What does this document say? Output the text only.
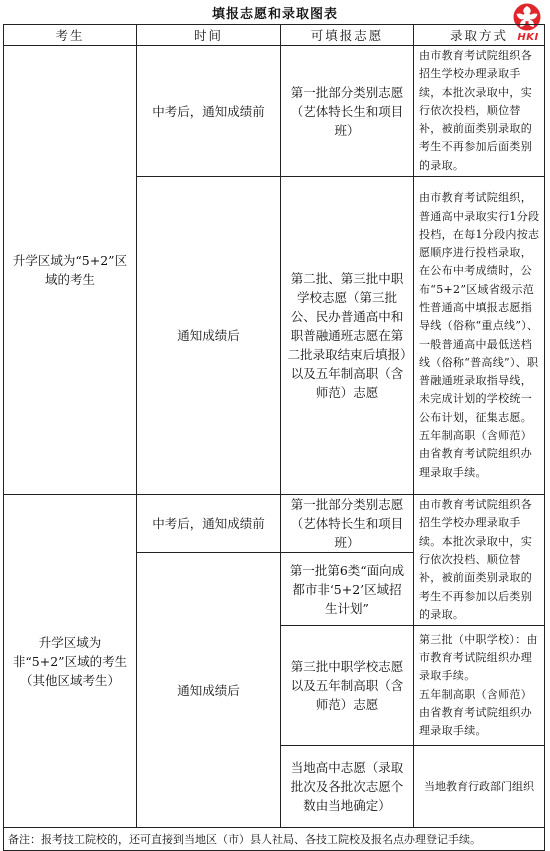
填报志愿和录取图表
HKI
考生	时间	可填报志愿	录取方式
升学区域为“5+2”区域的考生	中考后，通知成绩前	第一批部分类别志愿（艺体特长生和项目班）	由市教育考试院组织各招生学校办理录取手续，本批次录取中，实行依次投档，顺位替补，被前面类别录取的考生不再参加后面类别的录取。

	通知成绩后	第二批、第三批中职学校志愿（第三批公、民办普通高中和职普融通班志愿在第二批录取结束后填报）以及五年制高职（含师范）志愿	由市教育考试院组织，普通高中录取实行1分段投档，在每1分段内按志愿顺序进行投档录取，在公布中考成绩时，公布“5+2”区域省级示范性普通高中填报志愿指导线（俗称“重点线”）、一般普通高中最低送档线（俗称“普高线”）、职普融通班录取指导线，未完成计划的学校统一公布计划，征集志愿。

五年制高职（含师范）由省教育考试院组织办理录取手续。

升学区域为非“5+2”区域的考生（其他区域考生）	中考后，通知成绩前	第一批部分类别志愿（艺体特长生和项目班）	由市教育考试院组织各招生学校办理录取手续。本批次录取中，实行依次投档、顺位替补，被前面类别录取的考生不再参加以后类别的录取。

	通知成绩后	第一批第6类“面向成都市非‘5+2’区域招生计划”	
		第三批中职学校志愿以及五年制高职（含师范）志愿	第三批（中职学校）：由市教育考试院组织办理录取手续。

五年制高职（含师范）由省教育考试院组织办理录取手续。

		当地高中志愿（录取批次及各批次志愿个数由当地确定）	当地教育行政部门组织
备注：报考技工院校的，还可直接到当地区（市）县人社局、各技工院校及报名点办理登记手续。			
